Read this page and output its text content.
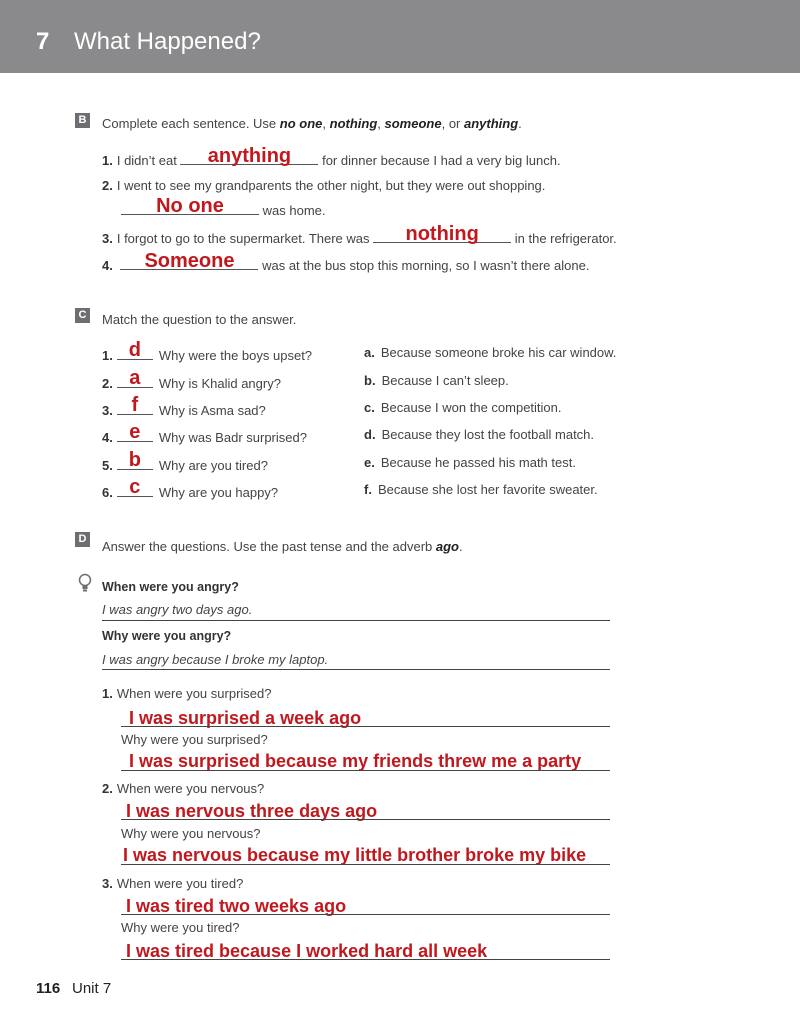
7 What Happened?
B Complete each sentence. Use no one, nothing, someone, or anything.
1. I didn’t eat	anything	for dinner because I had a very big lunch.
2. I went to see my grandparents the other night, but they were out shopping.
No one	was home.
3. I forgot to go to the supermarket. There was	nothing	in the refrigerator.
4.	Someone	was at the bus stop this morning, so I wasn’t there alone.
C Match the question to the answer.
1. d	Why were the boys upset?
2. a	Why is Khalid angry?
3. f	Why is Asma sad?
4. e	Why was Badr surprised?
5. b	Why are you tired?
6. c	Why are you happy?
a. Because someone broke his car window.
b. Because I can’t sleep.
c. Because I won the competition.
d. Because they lost the football match.
e. Because he passed his math test.
f. Because she lost her favorite sweater.
D Answer the questions. Use the past tense and the adverb ago.
When were you angry?
I was angry two days ago.
Why were you angry?
I was angry because I broke my laptop.
1. When were you surprised?
I was surprised a week ago
Why were you surprised?
I was surprised because my friends threw me a party
2. When were you nervous?
I was nervous three days ago
Why were you nervous?
I was nervous because my little brother broke my bike
3. When were you tired?
I was tired two weeks ago
Why were you tired?
I was tired because I worked hard all week
116 Unit 7
